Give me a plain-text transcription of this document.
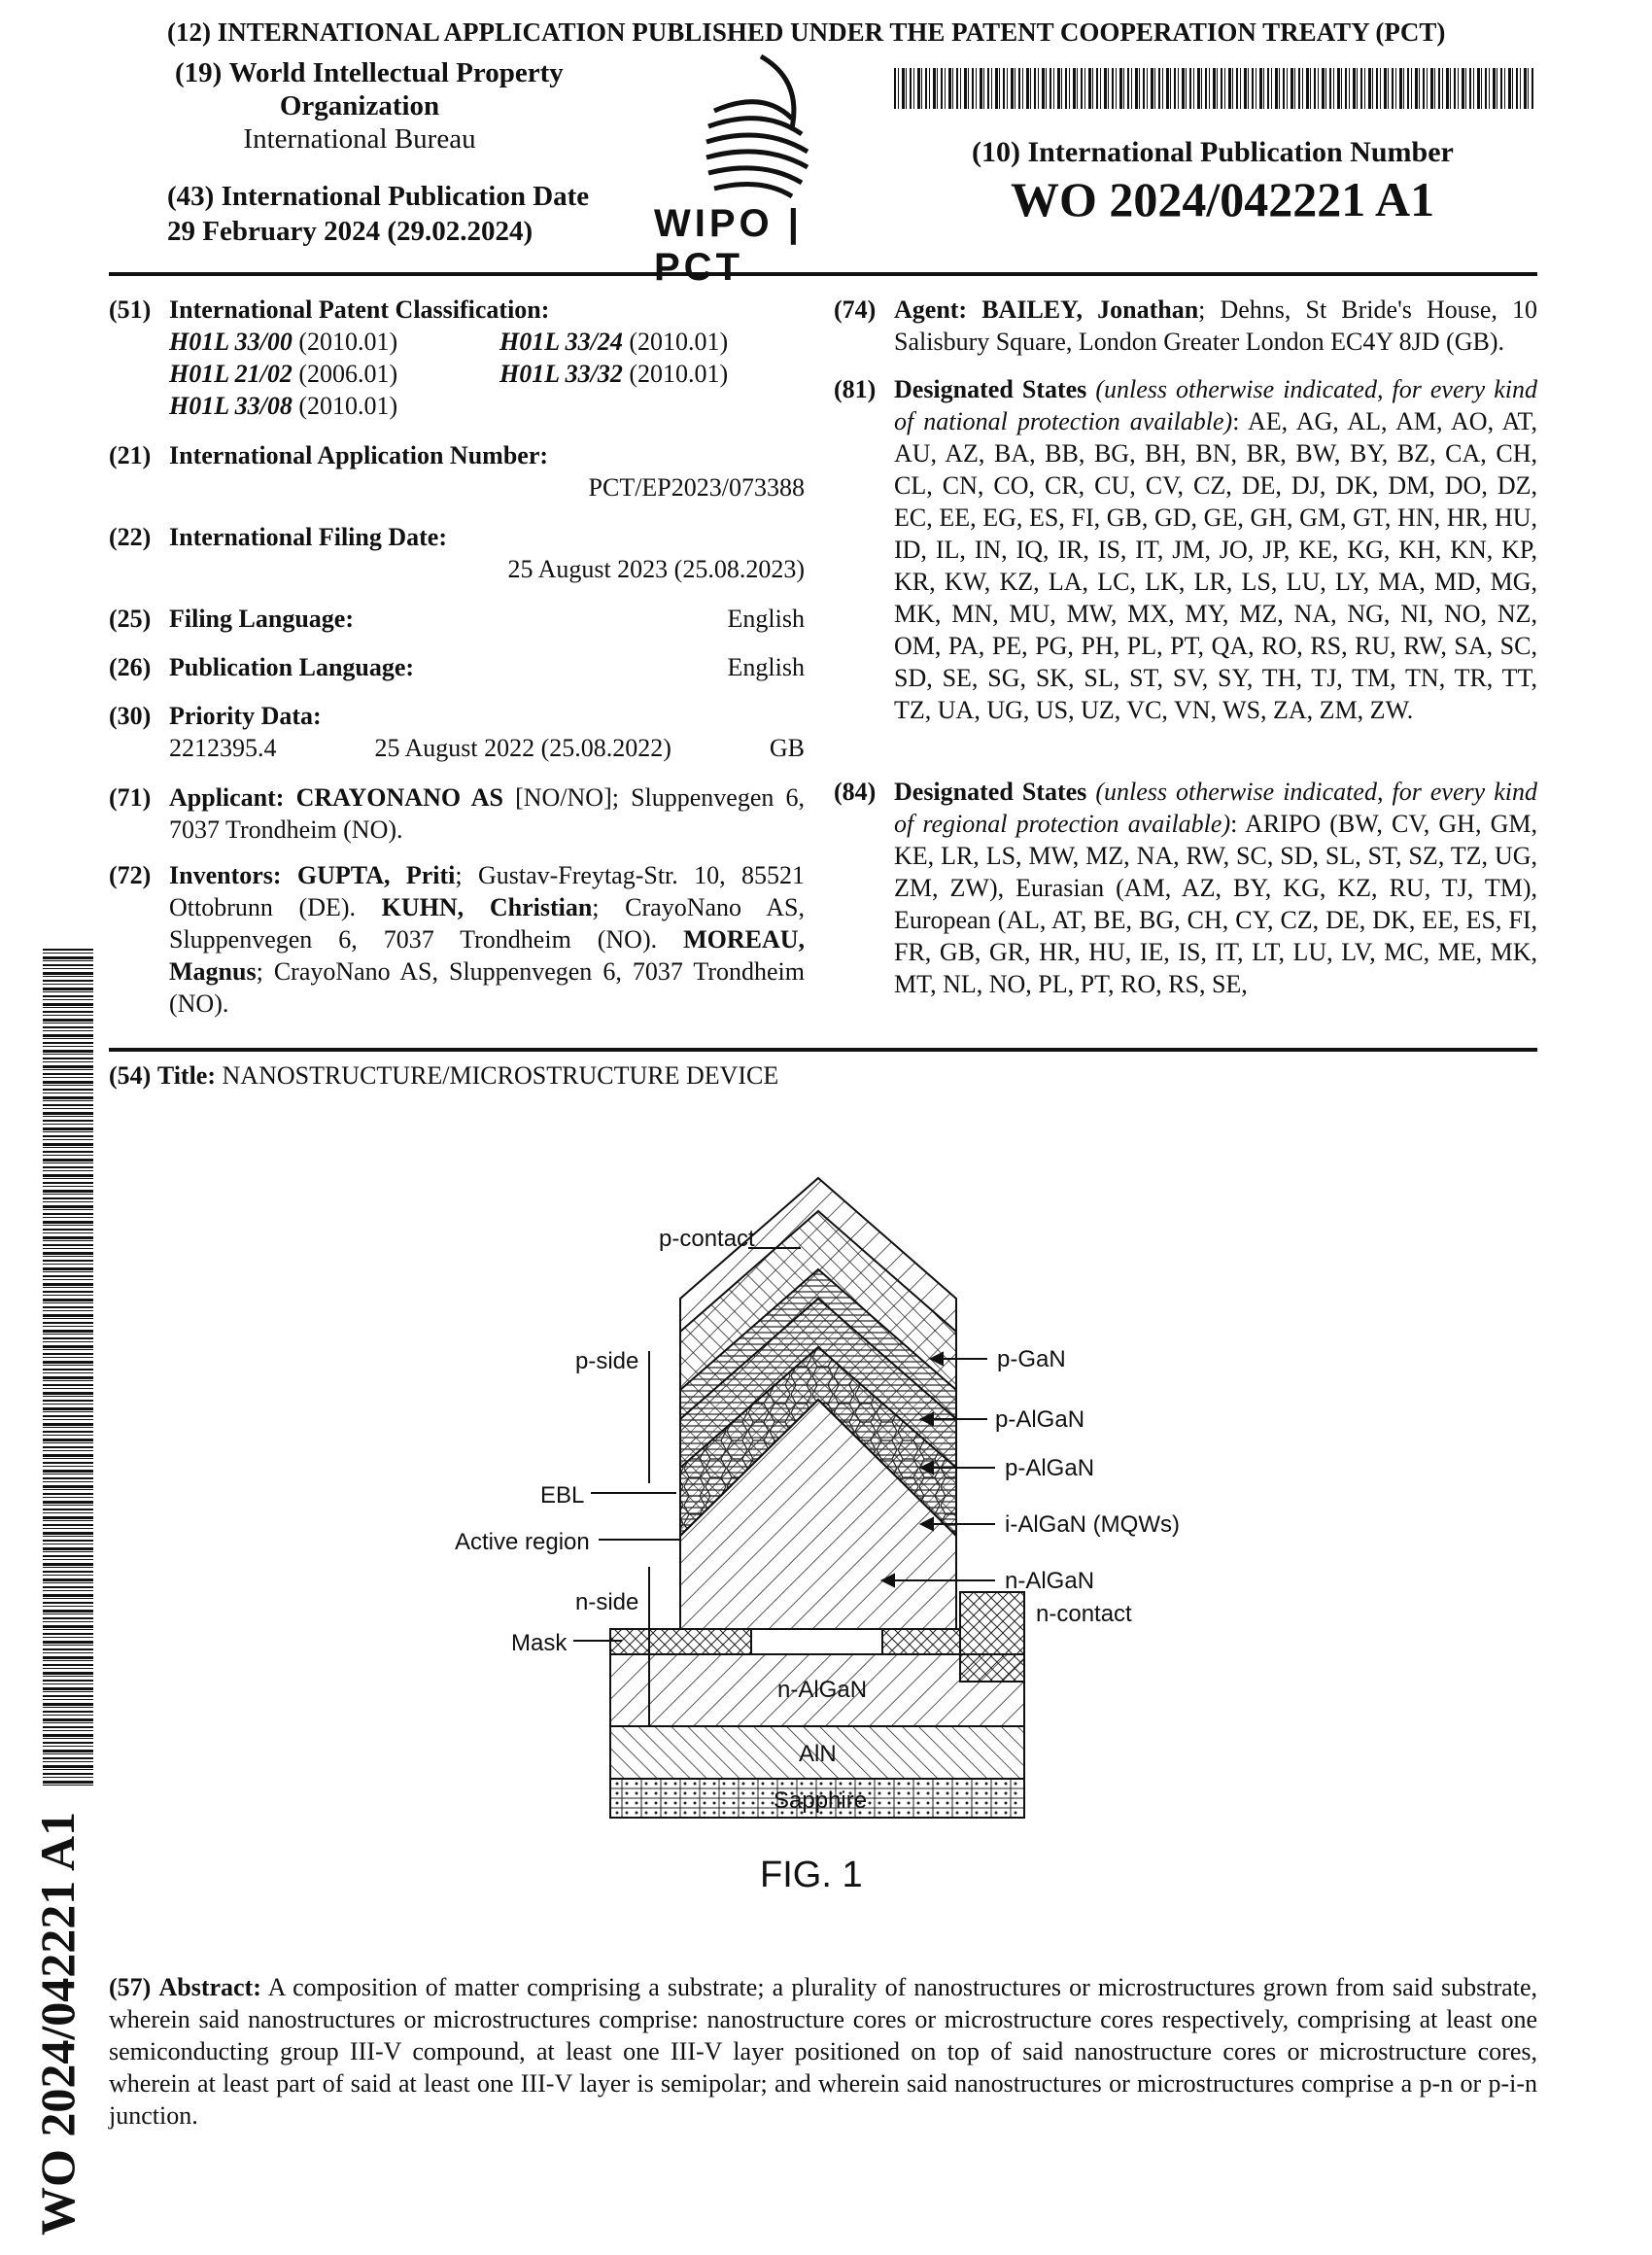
(12) INTERNATIONAL APPLICATION PUBLISHED UNDER THE PATENT COOPERATION TREATY (PCT)
(19) World Intellectual Property
Organization
International Bureau
(43) International Publication Date
29 February 2024 (29.02.2024)	WIPO | PCT
(10) International Publication Number
WO 2024/042221 A1
(51) International Patent Classification:
H01L 33/00 (2010.01)	H01L 33/24 (2010.01)
H01L 21/02 (2006.01)	H01L 33/32 (2010.01)
H01L 33/08 (2010.01)
(21) International Application Number:
PCT/EP2023/073388
(22) International Filing Date:
25 August 2023 (25.08.2023)
(25) Filing Language:	English
(26) Publication Language:	English
(30) Priority Data:
2212395.4	25 August 2022 (25.08.2022)	GB
(71) Applicant: CRAYONANO AS [NO/NO]; Sluppenvegen 6, 7037 Trondheim (NO).
(72) Inventors: GUPTA, Priti; Gustav-Freytag-Str. 10, 85521 Ottobrunn (DE). KUHN, Christian; CrayoNano AS, Sluppenvegen 6, 7037 Trondheim (NO). MOREAU, Magnus; CrayoNano AS, Sluppenvegen 6, 7037 Trondheim (NO).
(74) Agent: BAILEY, Jonathan; Dehns, St Bride's House, 10 Salisbury Square, London Greater London EC4Y 8JD (GB).
(81) Designated States (unless otherwise indicated, for every kind of national protection available): AE, AG, AL, AM, AO, AT, AU, AZ, BA, BB, BG, BH, BN, BR, BW, BY, BZ, CA, CH, CL, CN, CO, CR, CU, CV, CZ, DE, DJ, DK, DM, DO, DZ, EC, EE, EG, ES, FI, GB, GD, GE, GH, GM, GT, HN, HR, HU, ID, IL, IN, IQ, IR, IS, IT, JM, JO, JP, KE, KG, KH, KN, KP, KR, KW, KZ, LA, LC, LK, LR, LS, LU, LY, MA, MD, MG, MK, MN, MU, MW, MX, MY, MZ, NA, NG, NI, NO, NZ, OM, PA, PE, PG, PH, PL, PT, QA, RO, RS, RU, RW, SA, SC, SD, SE, SG, SK, SL, ST, SV, SY, TH, TJ, TM, TN, TR, TT, TZ, UA, UG, US, UZ, VC, VN, WS, ZA, ZM, ZW.
(84) Designated States (unless otherwise indicated, for every kind of regional protection available): ARIPO (BW, CV, GH, GM, KE, LR, LS, MW, MZ, NA, RW, SC, SD, SL, ST, SZ, TZ, UG, ZM, ZW), Eurasian (AM, AZ, BY, KG, KZ, RU, TJ, TM), European (AL, AT, BE, BG, CH, CY, CZ, DE, DK, EE, ES, FI, FR, GB, GR, HR, HU, IE, IS, IT, LT, LU, LV, MC, ME, MK, MT, NL, NO, PL, PT, RO, RS, SE,
(54) Title: NANOSTRUCTURE/MICROSTRUCTURE DEVICE
p-contact
p-side
EBL
Active region
n-side
Mask
p-GaN
p-AlGaN
p-AlGaN
i-AlGaN (MQWs)
n-AlGaN
n-contact
n-AlGaN
AlN
Sapphire
FIG. 1
(57) Abstract: A composition of matter comprising a substrate; a plurality of nanostructures or microstructures grown from said substrate, wherein said nanostructures or microstructures comprise: nanostructure cores or microstructure cores respectively, comprising at least one semiconducting group III-V compound, at least one III-V layer positioned on top of said nanostructure cores or microstructure cores, wherein at least part of said at least one III-V layer is semipolar; and wherein said nanostructures or microstructures comprise a p-n or p-i-n junction.
WO 2024/042221 A1
